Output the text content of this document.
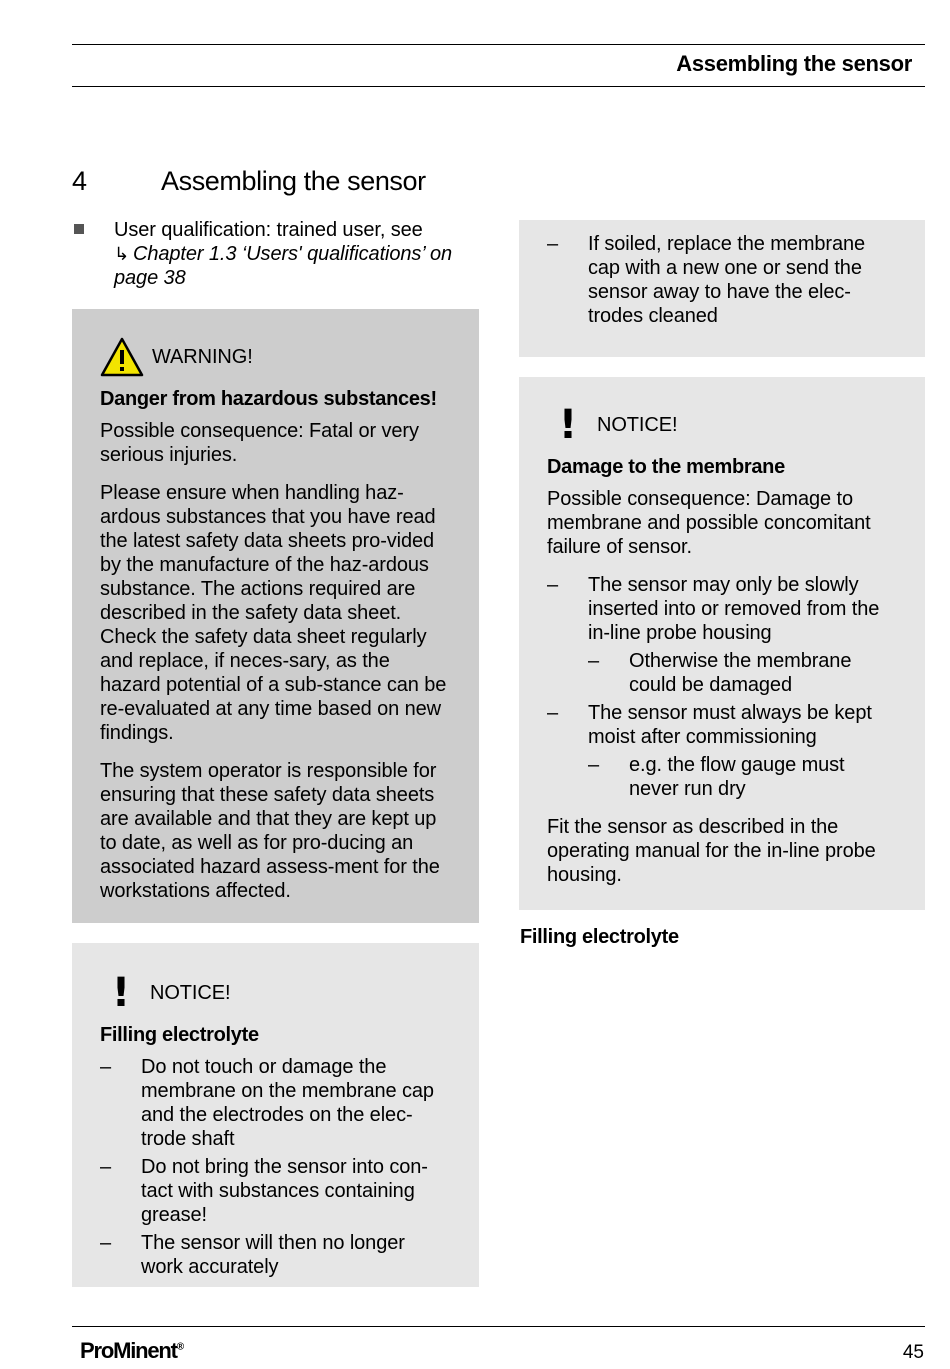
Assembling the sensor
4	Assembling the sensor
User qualification: trained user, see
↳ Chapter 1.3 ‘Users' qualifications’ on page 38
WARNING!
Danger from hazardous substances!

Possible consequence: Fatal or very serious injuries.

Please ensure when handling haz‐ardous substances that you have read the latest safety data sheets pro‐vided by the manufacture of the haz‐ardous substance. The actions required are described in the safety data sheet. Check the safety data sheet regularly and replace, if neces‐sary, as the hazard potential of a sub‐stance can be re-evaluated at any time based on new findings.

The system operator is responsible for ensuring that these safety data sheets are available and that they are kept up to date, as well as for pro‐ducing an associated hazard assess‐ment for the workstations affected.

! NOTICE!
Filling electrolyte
– Do not touch or damage the membrane on the membrane cap and the electrodes on the elec‐trode shaft
– Do not bring the sensor into con‐tact with substances containing grease!
– The sensor will then no longer work accurately
– If soiled, replace the membrane cap with a new one or send the sensor away to have the elec‐trodes cleaned
! NOTICE!
Damage to the membrane

Possible consequence: Damage to membrane and possible concomitant failure of sensor.

– The sensor may only be slowly inserted into or removed from the in-line probe housing
– Otherwise the membrane could be damaged
– The sensor must always be kept moist after commissioning
– e.g. the flow gauge must never run dry

Fit the sensor as described in the operating manual for the in-line probe housing.

Filling electrolyte
ProMinent®	45
